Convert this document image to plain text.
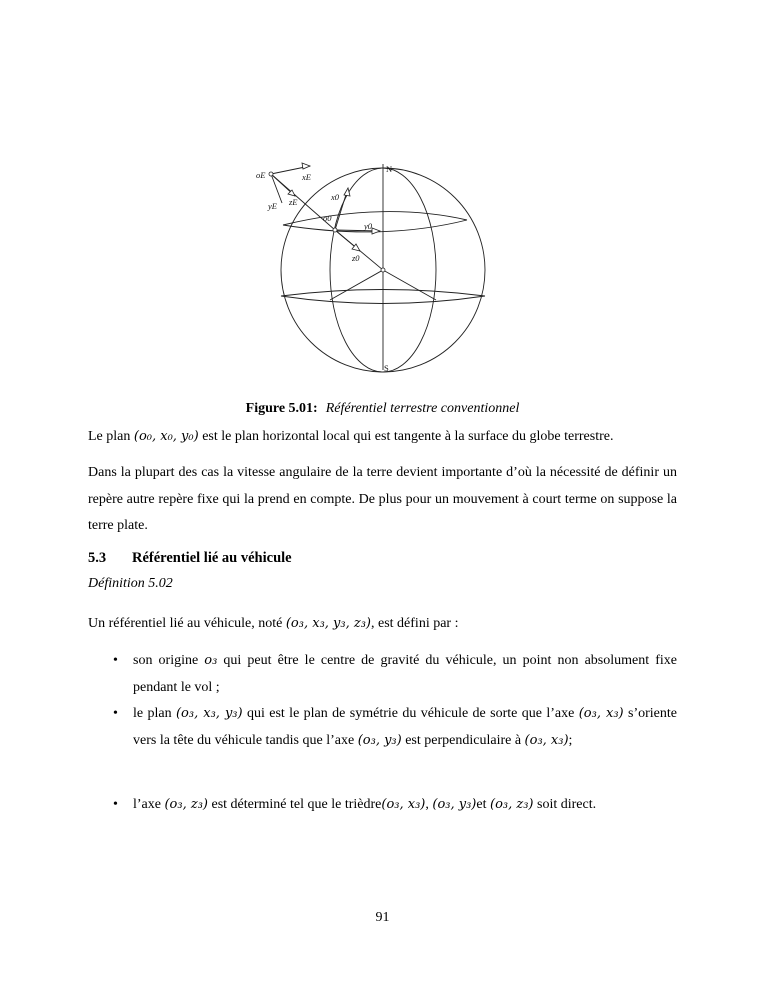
N
S
oE	xE
yE zE
o0
x0
y0
z0
Figure 5.01: Référentiel terrestre conventionnel
Le plan (o₀, x₀, y₀) est le plan horizontal local qui est tangente à la surface du globe terrestre.
Dans la plupart des cas la vitesse angulaire de la terre devient importante d’où la nécessité de définir un repère autre repère fixe qui la prend en compte. De plus pour un mouvement à court terme on suppose la terre plate.
5.3 Référentiel lié au véhicule
Définition 5.02
Un référentiel lié au véhicule, noté (o₃, x₃, y₃, z₃), est défini par :
•	son origine o₃ qui peut être le centre de gravité du véhicule, un point non absolument fixe pendant le vol ;
•	le plan (o₃, x₃, y₃) qui est le plan de symétrie du véhicule de sorte que l’axe (o₃, x₃) s’oriente vers la tête du véhicule tandis que l’axe (o₃, y₃) est perpendiculaire à (o₃, x₃);
•	l’axe (o₃, z₃) est déterminé tel que le trièdre(o₃, x₃), (o₃, y₃)et (o₃, z₃) soit direct.
91
